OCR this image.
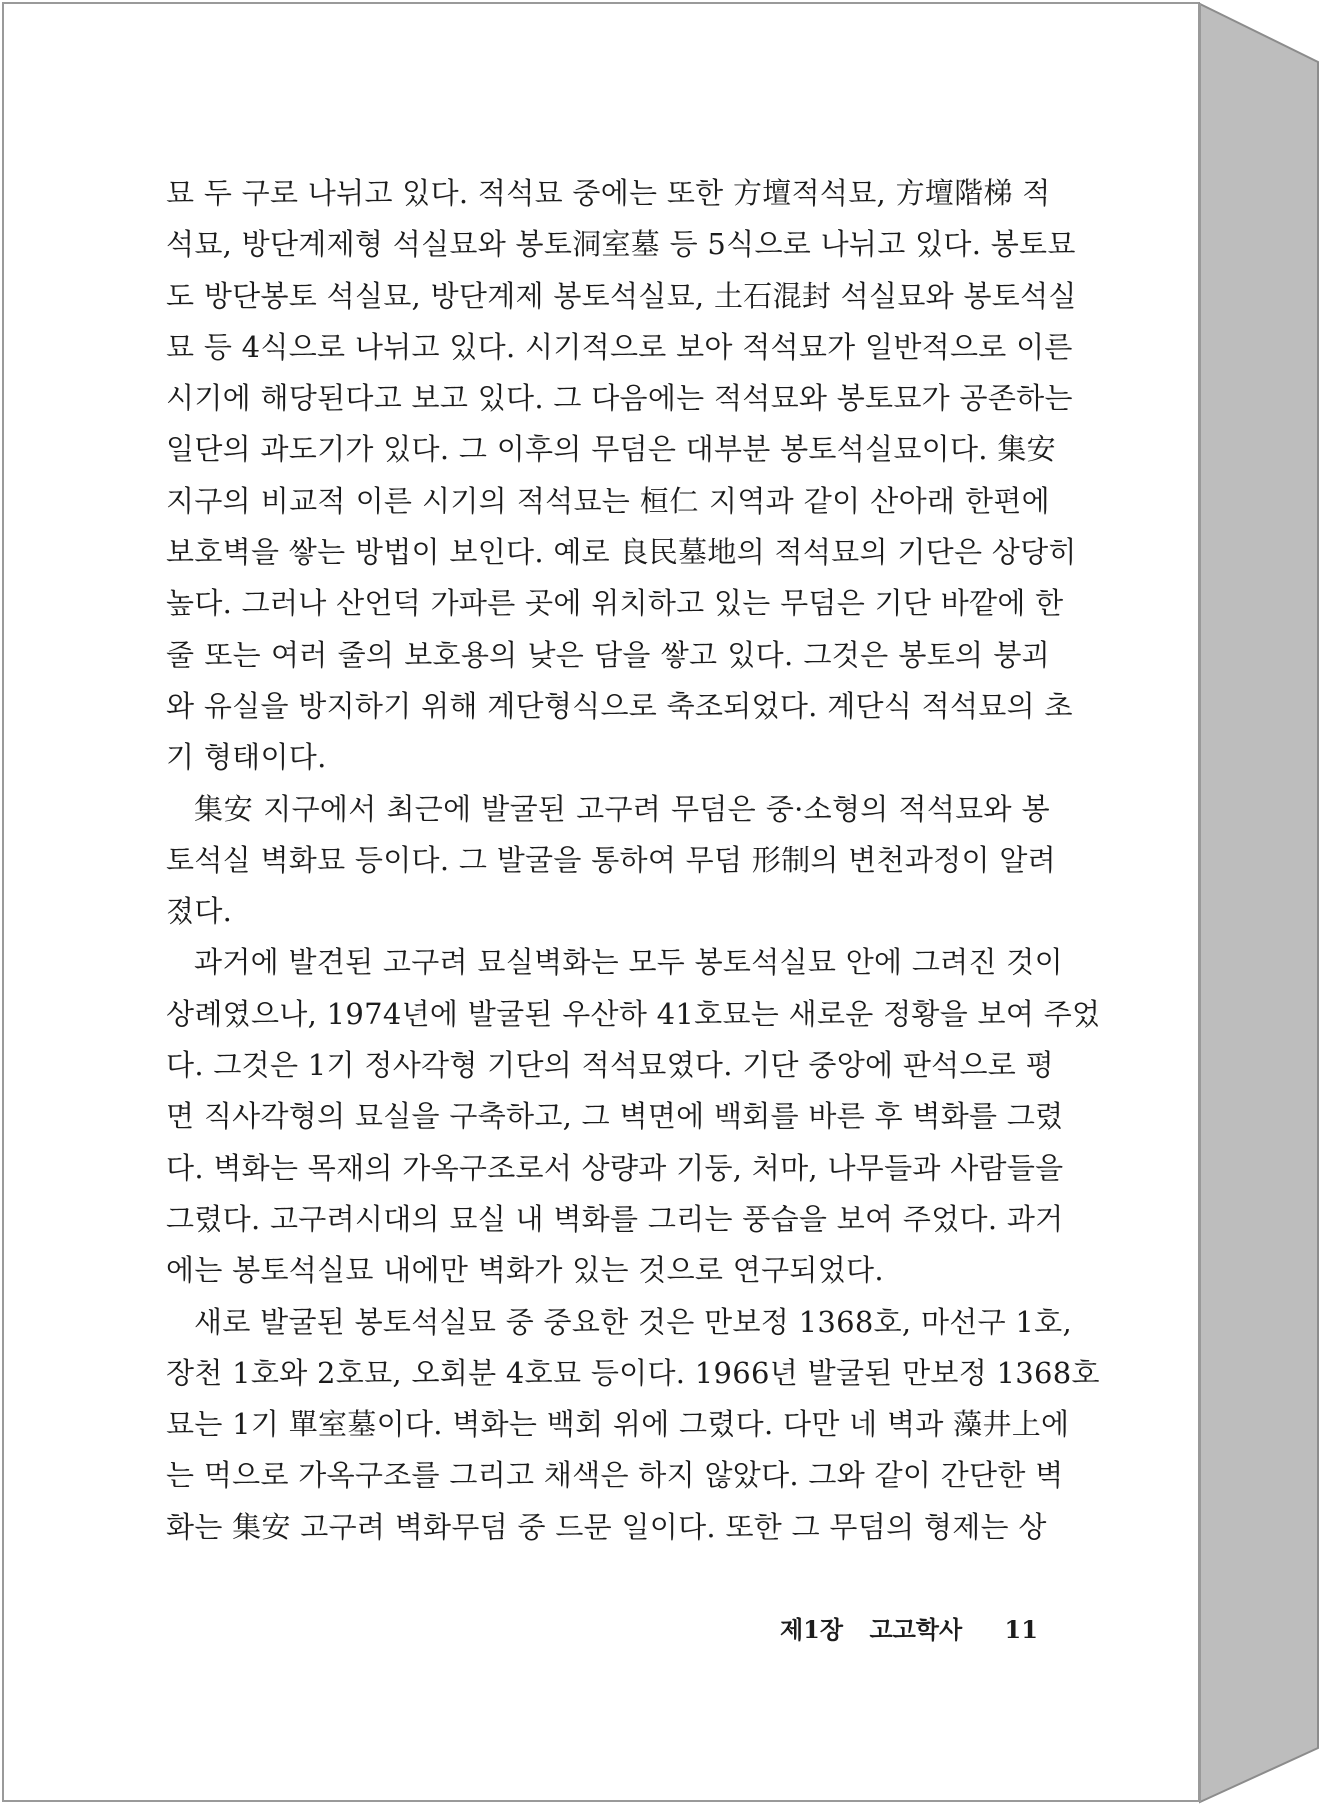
묘 두 구로 나뉘고 있다. 적석묘 중에는 또한 方壇적석묘, 方壇階梯 적
석묘, 방단계제형 석실묘와 봉토洞室墓 등 5식으로 나뉘고 있다. 봉토묘
도 방단봉토 석실묘, 방단계제 봉토석실묘, 土石混封 석실묘와 봉토석실
묘 등 4식으로 나뉘고 있다. 시기적으로 보아 적석묘가 일반적으로 이른
시기에 해당된다고 보고 있다. 그 다음에는 적석묘와 봉토묘가 공존하는
일단의 과도기가 있다. 그 이후의 무덤은 대부분 봉토석실묘이다. 集安
지구의 비교적 이른 시기의 적석묘는 桓仁 지역과 같이 산아래 한편에
보호벽을 쌓는 방법이 보인다. 예로 良民墓地의 적석묘의 기단은 상당히
높다. 그러나 산언덕 가파른 곳에 위치하고 있는 무덤은 기단 바깥에 한
줄 또는 여러 줄의 보호용의 낮은 담을 쌓고 있다. 그것은 봉토의 붕괴
와 유실을 방지하기 위해 계단형식으로 축조되었다. 계단식 적석묘의 초
기 형태이다.
集安 지구에서 최근에 발굴된 고구려 무덤은 중·소형의 적석묘와 봉
토석실 벽화묘 등이다. 그 발굴을 통하여 무덤 形制의 변천과정이 알려
졌다.
과거에 발견된 고구려 묘실벽화는 모두 봉토석실묘 안에 그려진 것이
상례였으나, 1974년에 발굴된 우산하 41호묘는 새로운 정황을 보여 주었
다. 그것은 1기 정사각형 기단의 적석묘였다. 기단 중앙에 판석으로 평
면 직사각형의 묘실을 구축하고, 그 벽면에 백회를 바른 후 벽화를 그렸
다. 벽화는 목재의 가옥구조로서 상량과 기둥, 처마, 나무들과 사람들을
그렸다. 고구려시대의 묘실 내 벽화를 그리는 풍습을 보여 주었다. 과거
에는 봉토석실묘 내에만 벽화가 있는 것으로 연구되었다.
새로 발굴된 봉토석실묘 중 중요한 것은 만보정 1368호, 마선구 1호,
장천 1호와 2호묘, 오회분 4호묘 등이다. 1966년 발굴된 만보정 1368호
묘는 1기 單室墓이다. 벽화는 백회 위에 그렸다. 다만 네 벽과 藻井上에
는 먹으로 가옥구조를 그리고 채색은 하지 않았다. 그와 같이 간단한 벽
화는 集安 고구려 벽화무덤 중 드문 일이다. 또한 그 무덤의 형제는 상
제1장 고고학사 11
